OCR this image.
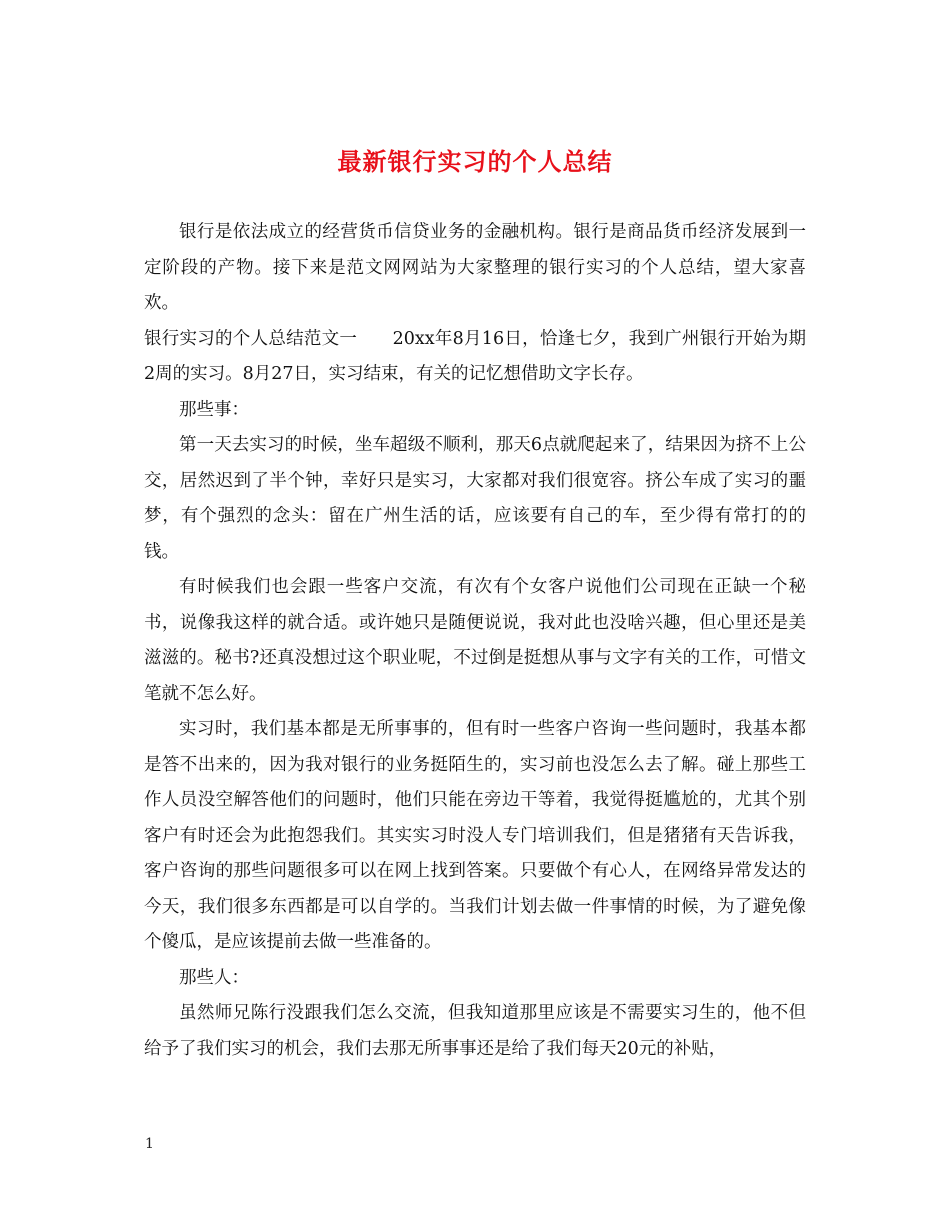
最新银行实习的个人总结

银行是依法成立的经营货币信贷业务的金融机构。银行是商品货币经济发展到一定阶段的产物。接下来是范文网网站为大家整理的银行实习的个人总结，望大家喜欢。

银行实习的个人总结范文一　　20xx年8月16日，恰逢七夕，我到广州银行开始为期2周的实习。8月27日，实习结束，有关的记忆想借助文字长存。

那些事：

第一天去实习的时候，坐车超级不顺利，那天6点就爬起来了，结果因为挤不上公交，居然迟到了半个钟，幸好只是实习，大家都对我们很宽容。挤公车成了实习的噩梦，有个强烈的念头：留在广州生活的话，应该要有自己的车，至少得有常打的的钱。

有时候我们也会跟一些客户交流，有次有个女客户说他们公司现在正缺一个秘书，说像我这样的就合适。或许她只是随便说说，我对此也没啥兴趣，但心里还是美滋滋的。秘书?还真没想过这个职业呢，不过倒是挺想从事与文字有关的工作，可惜文笔就不怎么好。

实习时，我们基本都是无所事事的，但有时一些客户咨询一些问题时，我基本都是答不出来的，因为我对银行的业务挺陌生的，实习前也没怎么去了解。碰上那些工作人员没空解答他们的问题时，他们只能在旁边干等着，我觉得挺尴尬的，尤其个别客户有时还会为此抱怨我们。其实实习时没人专门培训我们，但是猪猪有天告诉我，客户咨询的那些问题很多可以在网上找到答案。只要做个有心人，在网络异常发达的今天，我们很多东西都是可以自学的。当我们计划去做一件事情的时候，为了避免像个傻瓜，是应该提前去做一些准备的。

那些人：

虽然师兄陈行没跟我们怎么交流，但我知道那里应该是不需要实习生的，他不但给予了我们实习的机会，我们去那无所事事还是给了我们每天20元的补贴，

1
